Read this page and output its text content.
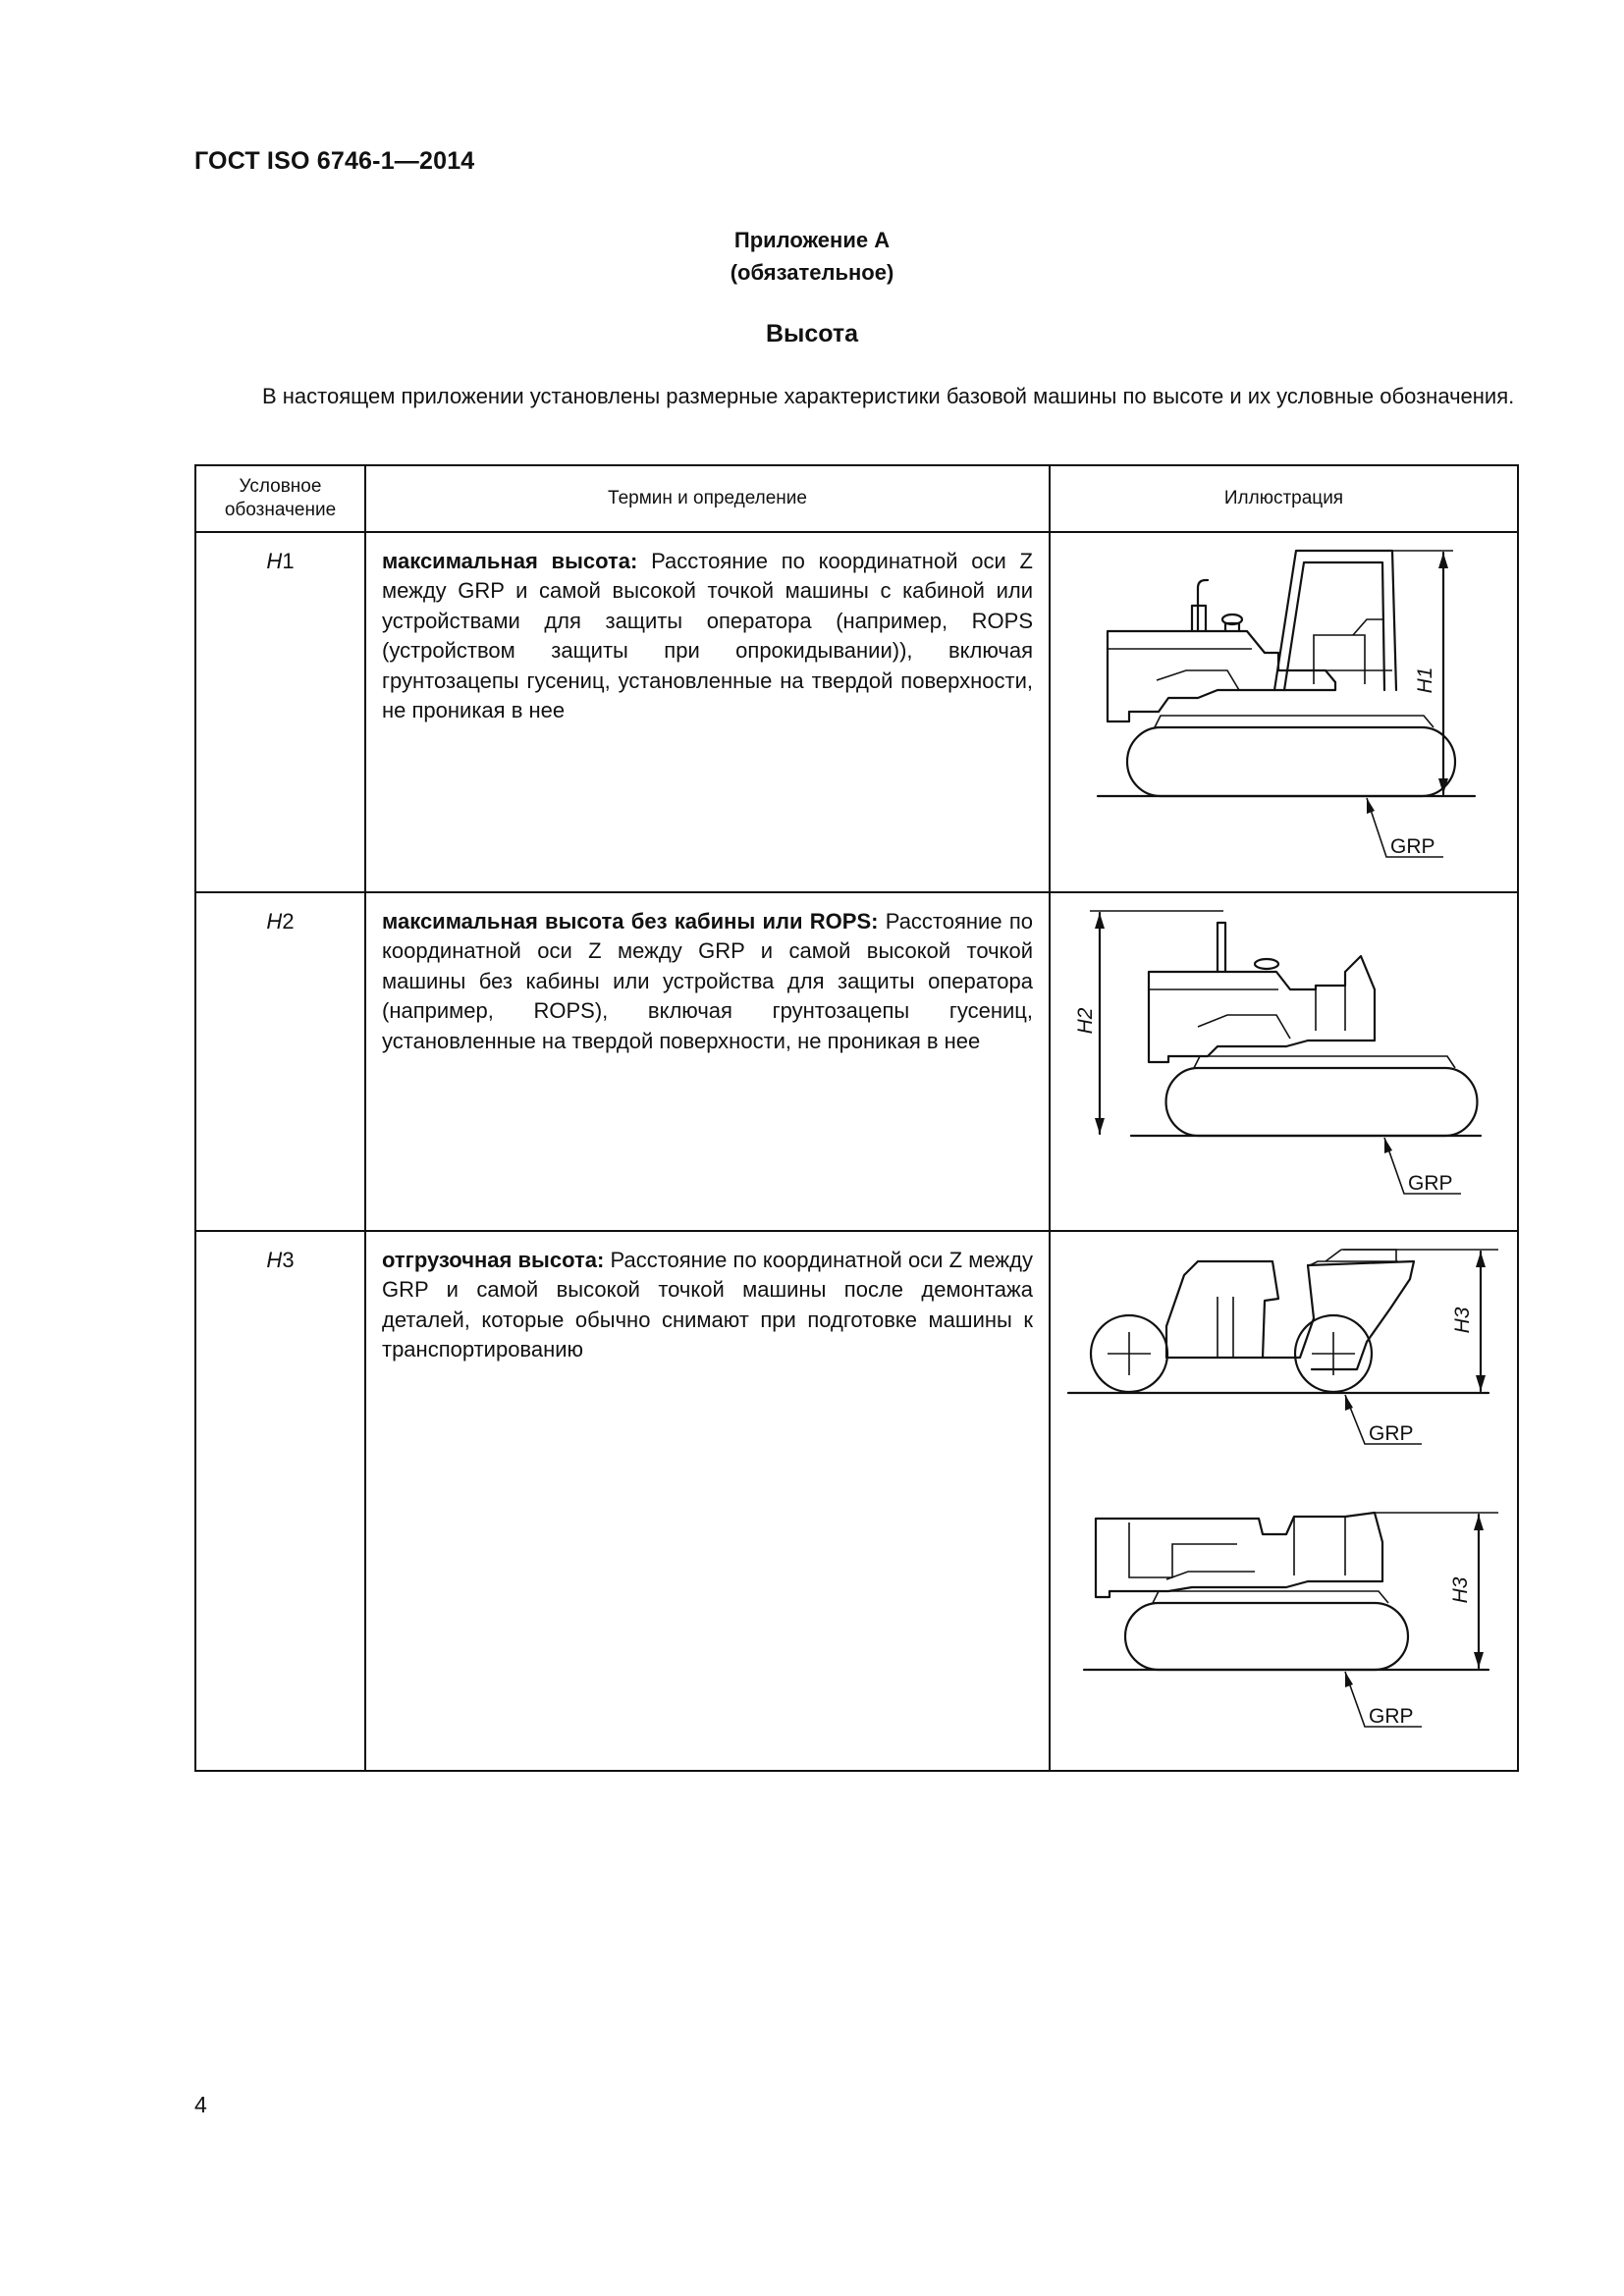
ГОСТ ISO 6746-1—2014
Приложение А
(обязательное)
Высота
В настоящем приложении установлены размерные характеристики базовой машины по высоте и их условные обозначения.
Условное обозначение	Термин и определение	Иллюстрация
H1	максимальная высота: Расстояние по координатной оси Z между GRP и самой высокой точкой машины с кабиной или устройствами для защиты оператора (например, ROPS (устройством защиты при опрокидывании)), включая грунтозацепы гусениц, установленные на твердой поверхности, не проникая в нее	H1
GRP

H2	максимальная высота без кабины или ROPS: Расстояние по координатной оси Z между GRP и самой высокой точкой машины без кабины или устройства для защиты оператора (например, ROPS), включая грунтозацепы гусениц, установленные на твердой поверхности, не проникая в нее	H2
GRP

H3	отгрузочная высота: Расстояние по координатной оси Z между GRP и самой высокой точкой машины после демонтажа деталей, которые обычно снимают при подготовке машины к транспортированию	H3
GRP
H3
GRP
4
